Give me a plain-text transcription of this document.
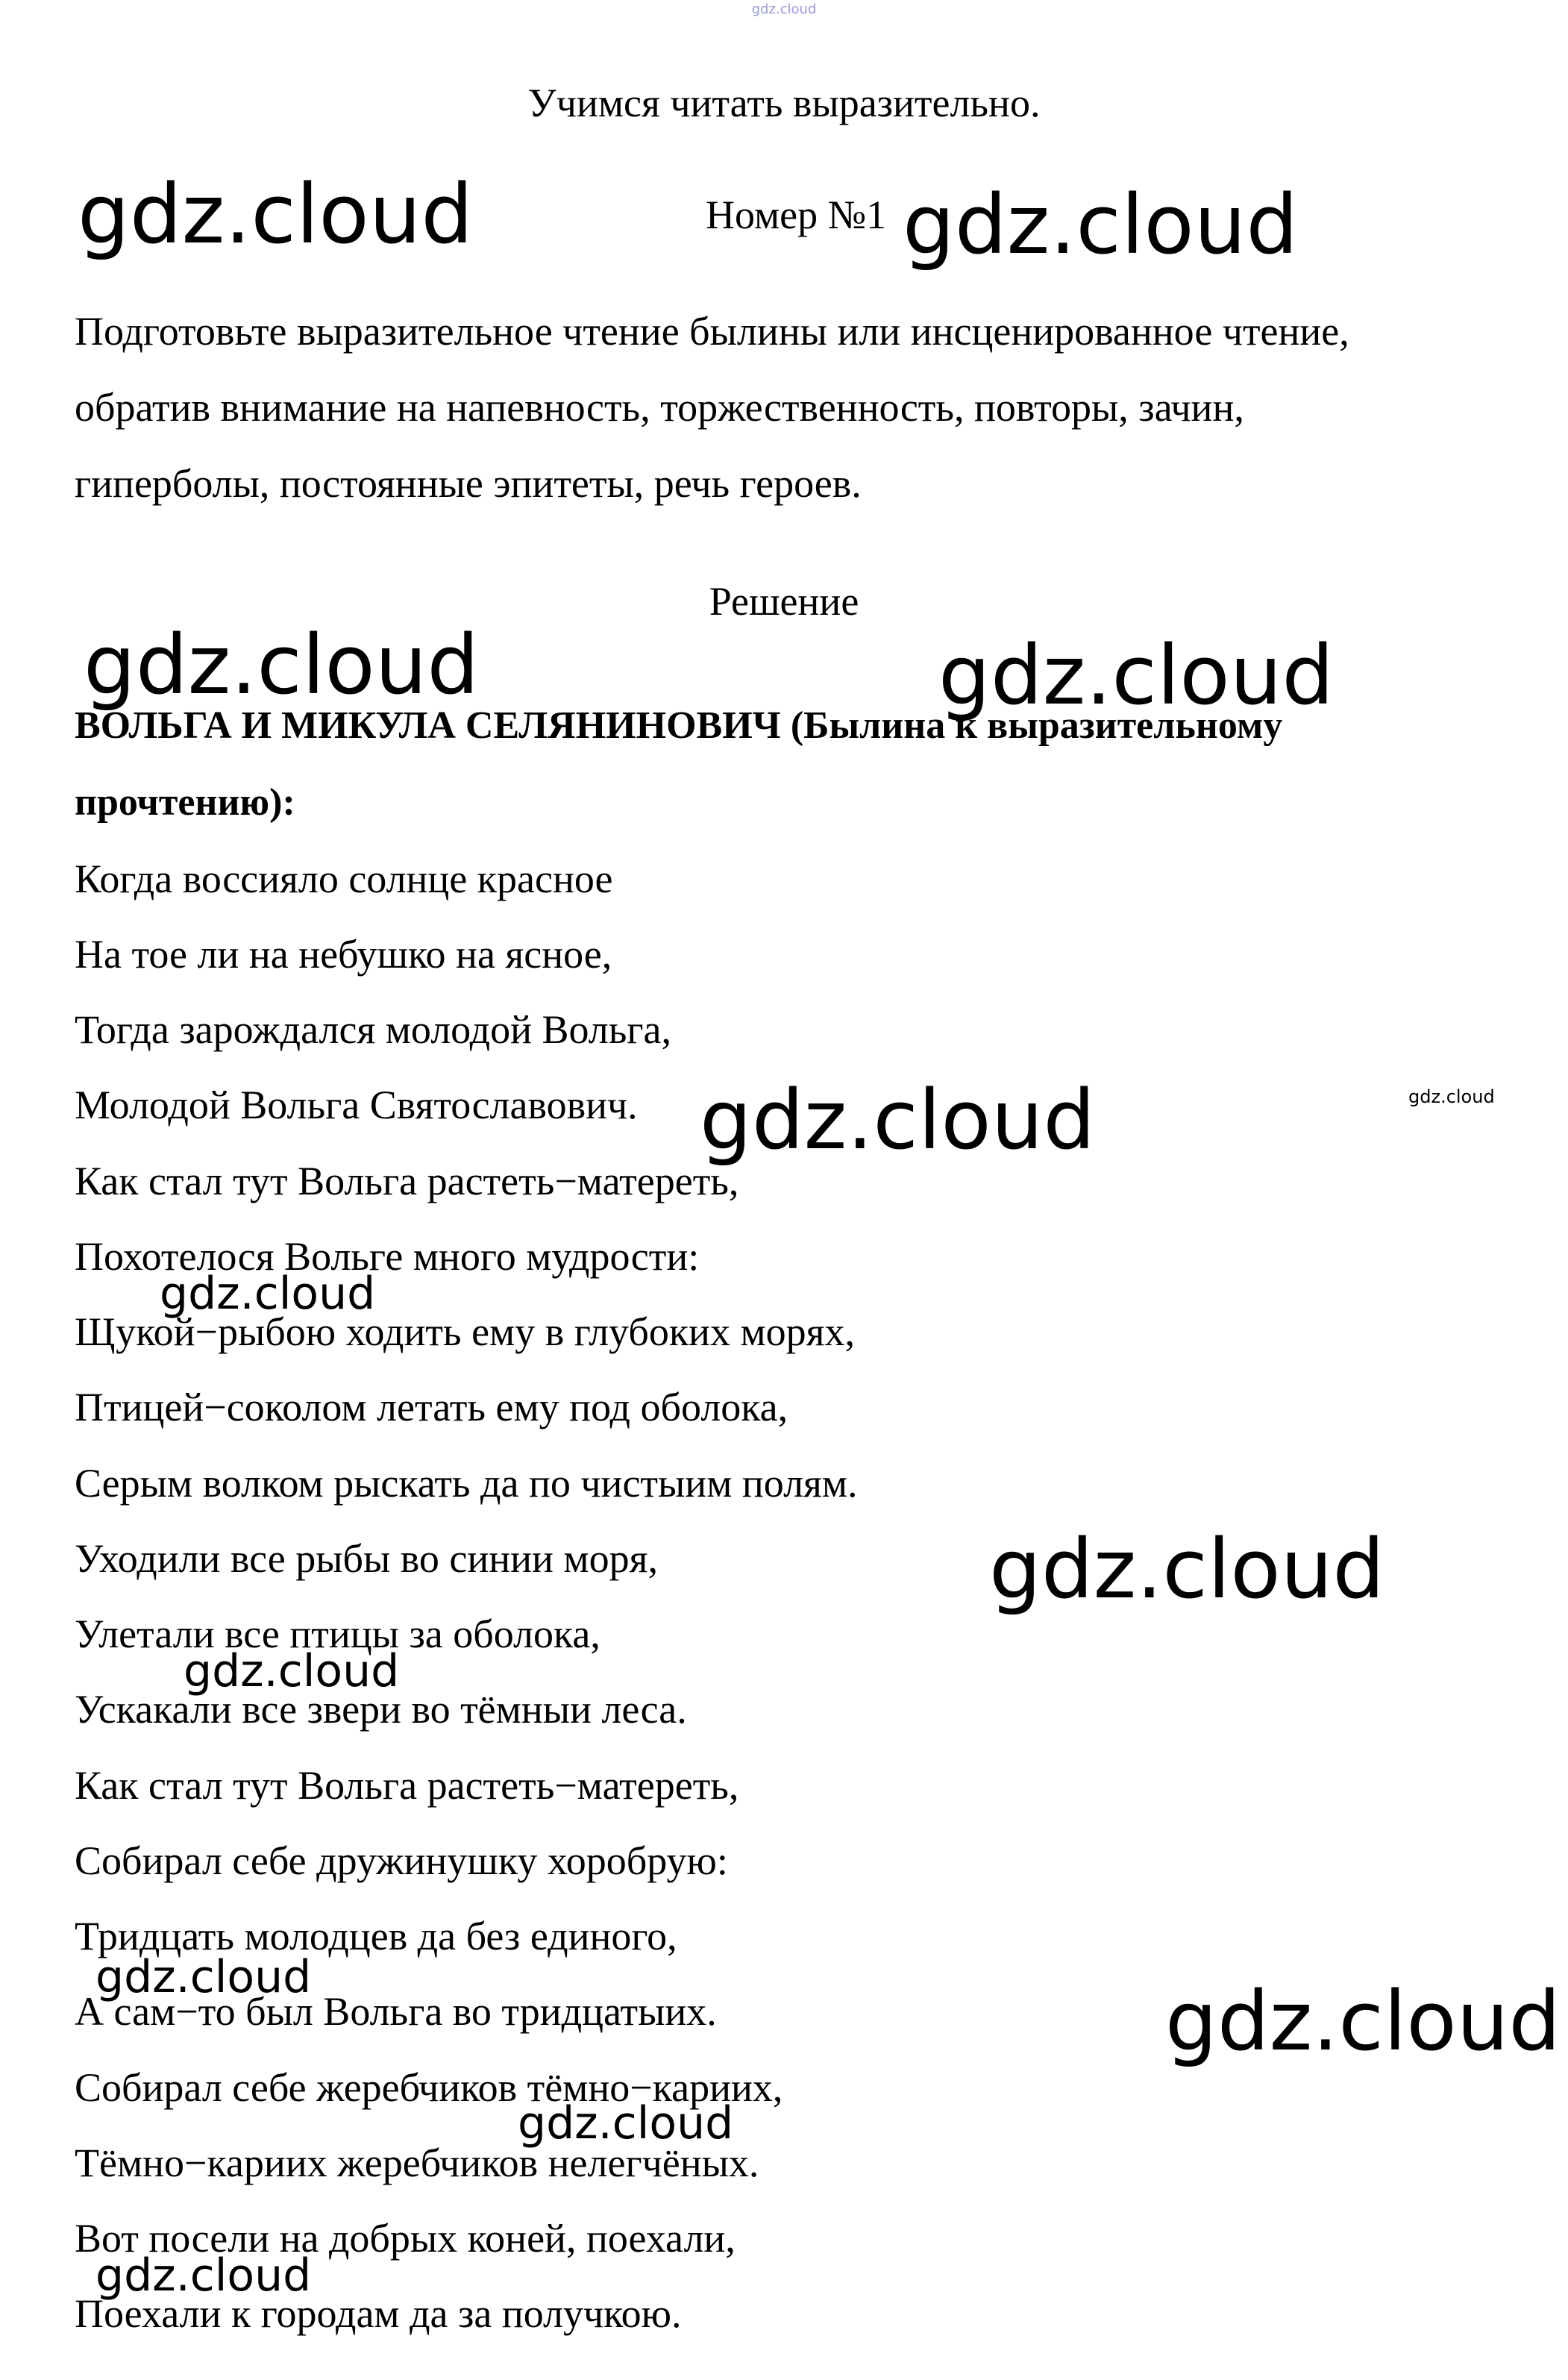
gdz.cloud
Учимся читать выразительно.
Номер №1
Подготовьте выразительное чтение былины или инсценированное чтение,
обратив внимание на напевность, торжественность, повторы, зачин,
гиперболы, постоянные эпитеты, речь героев.
Решение
ВОЛЬГА И МИКУЛА СЕЛЯНИНОВИЧ (Былина к выразительному
прочтению):
Когда воссияло солнце красное
На тое ли на небушко на ясное,
Тогда зарождался молодой Вольга,
Молодой Вольга Святославович.
Как стал тут Вольга растеть−матереть,
Похотелося Вольге много мудрости:
Щукой−рыбою ходить ему в глубоких морях,
Птицей−соколом летать ему под оболока,
Серым волком рыскать да по чистыим полям.
Уходили все рыбы во синии моря,
Улетали все птицы за оболока,
Ускакали все звери во тёмныи леса.
Как стал тут Вольга растеть−матереть,
Собирал себе дружинушку хоробрую:
Тридцать молодцев да без единого,
А сам−то был Вольга во тридцатыих.
Собирал себе жеребчиков тёмно−кариих,
Тёмно−кариих жеребчиков нелегчёных.
Вот посели на добрых коней, поехали,
Поехали к городам да за получкою.
gdz.cloud	gdz.cloud
gdz.cloud	gdz.cloud
gdz.cloud	gdz.cloud
gdz.cloud
gdz.cloud
gdz.cloud
gdz.cloud	gdz.cloud
gdz.cloud
gdz.cloud
